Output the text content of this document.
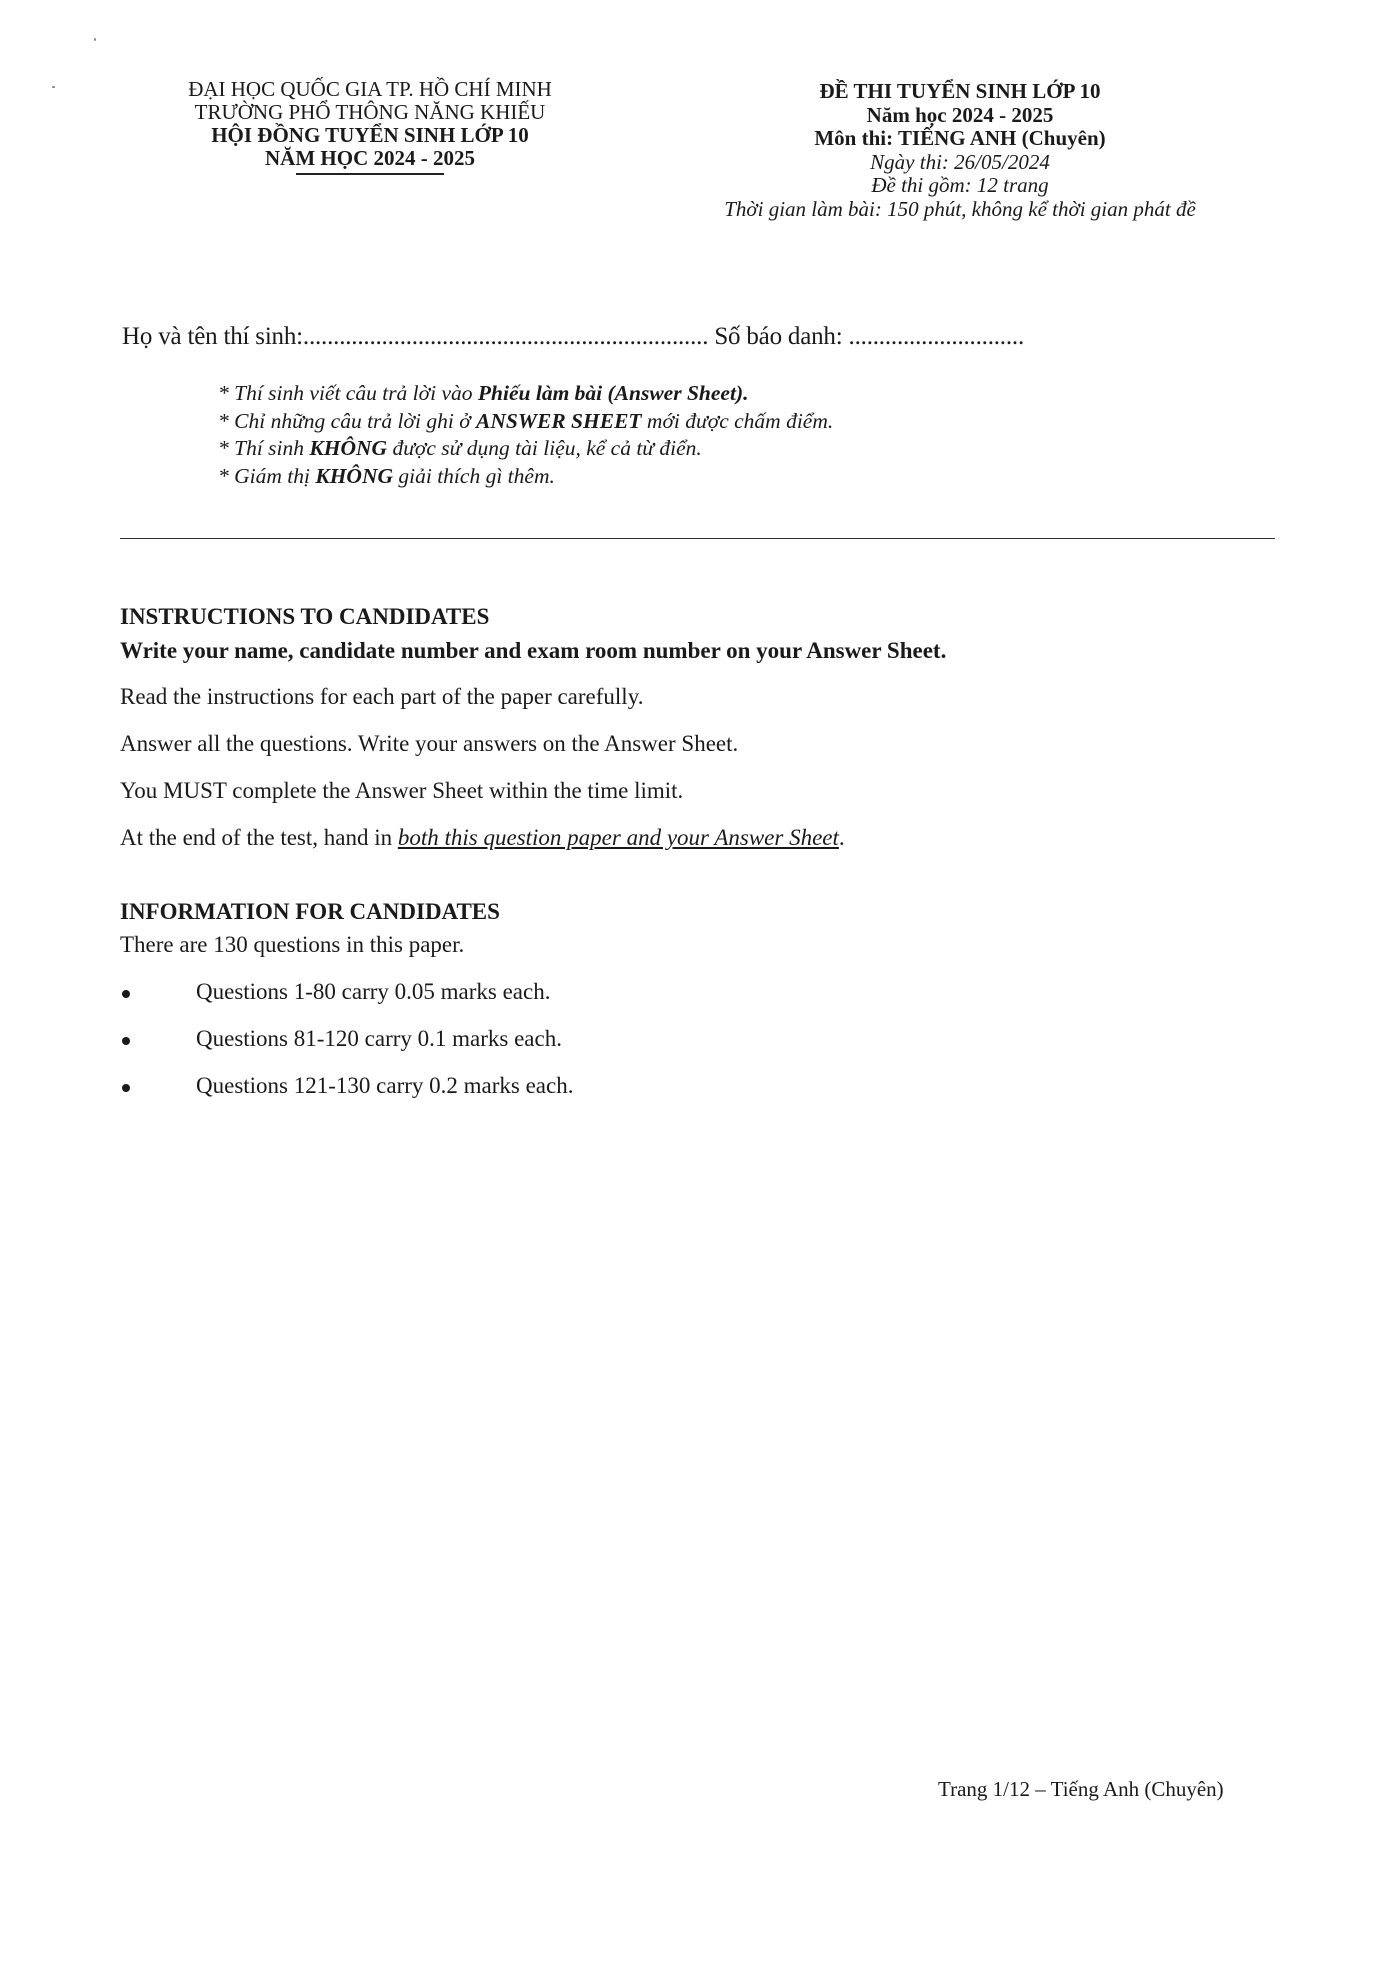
ĐẠI HỌC QUỐC GIA TP. HỒ CHÍ MINH
TRƯỜNG PHỔ THÔNG NĂNG KHIẾU
HỘI ĐỒNG TUYỂN SINH LỚP 10
NĂM HỌC 2024 - 2025
ĐỀ THI TUYỂN SINH LỚP 10
Năm học 2024 - 2025
Môn thi: TIẾNG ANH (Chuyên)
Ngày thi: 26/05/2024
Đề thi gồm: 12 trang
Thời gian làm bài: 150 phút, không kể thời gian phát đề
Họ và tên thí sinh:................................................................... Số báo danh: .............................
* Thí sinh viết câu trả lời vào Phiếu làm bài (Answer Sheet).
* Chỉ những câu trả lời ghi ở ANSWER SHEET mới được chấm điểm.
* Thí sinh KHÔNG được sử dụng tài liệu, kể cả từ điển.
* Giám thị KHÔNG giải thích gì thêm.
INSTRUCTIONS TO CANDIDATES
Write your name, candidate number and exam room number on your Answer Sheet.
Read the instructions for each part of the paper carefully.
Answer all the questions. Write your answers on the Answer Sheet.
You MUST complete the Answer Sheet within the time limit.
At the end of the test, hand in both this question paper and your Answer Sheet.
INFORMATION FOR CANDIDATES
There are 130 questions in this paper.
Questions 1-80 carry 0.05 marks each.
Questions 81-120 carry 0.1 marks each.
Questions 121-130 carry 0.2 marks each.
Trang 1/12 – Tiếng Anh (Chuyên)
